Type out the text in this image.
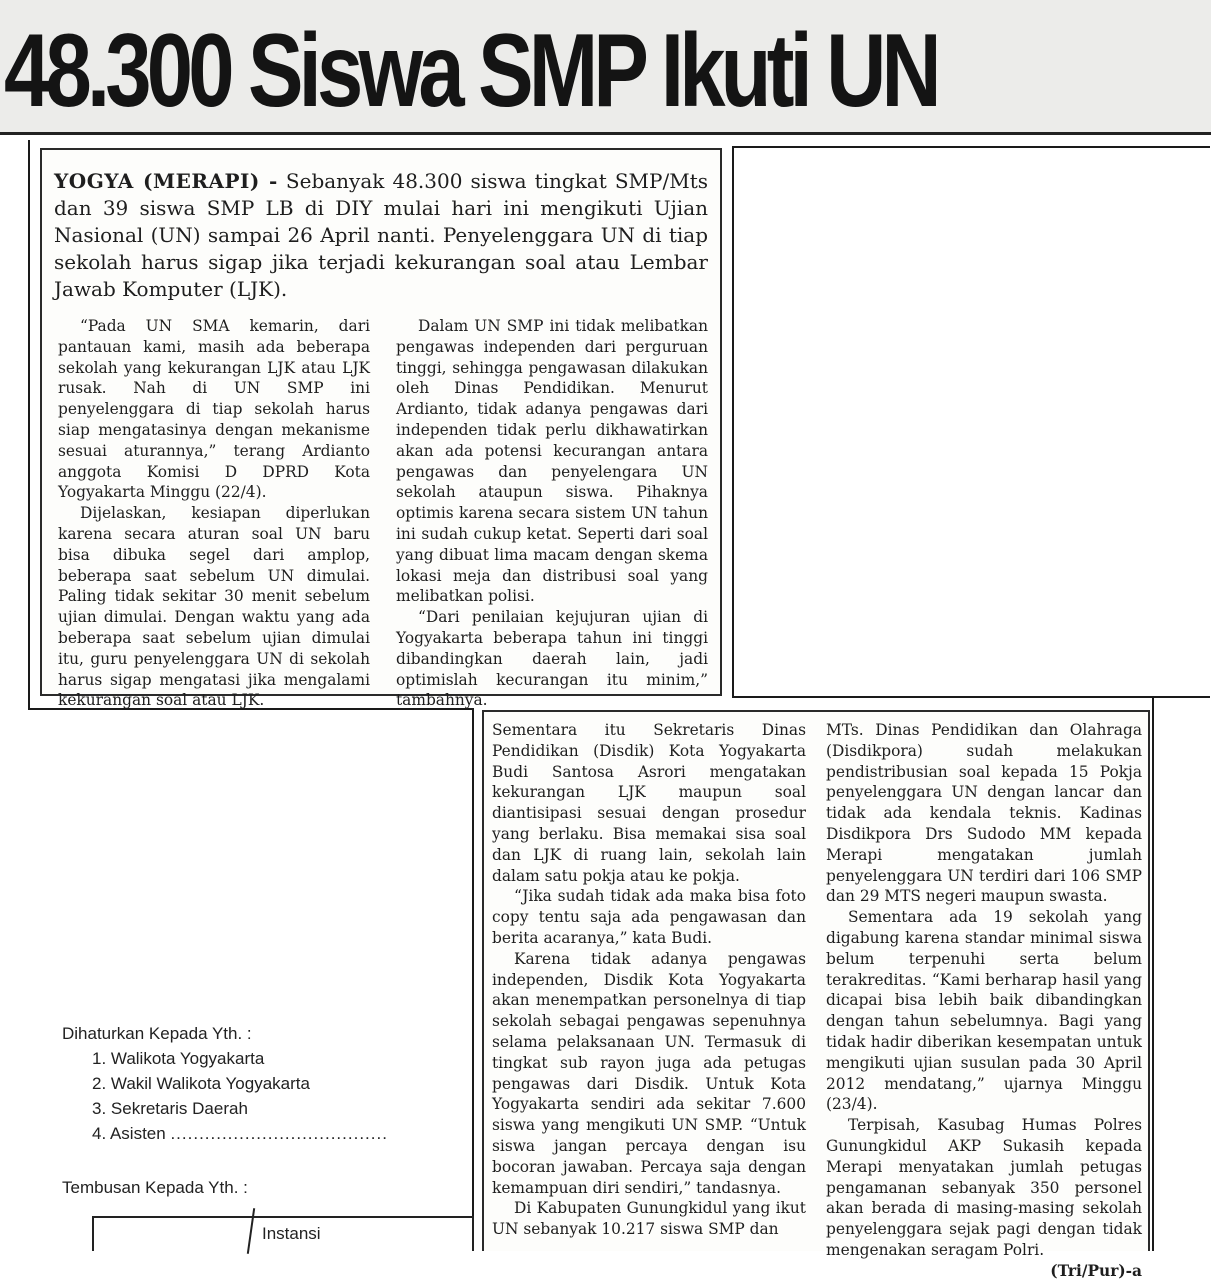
48.300 Siswa SMP Ikuti UN

YOGYA (MERAPI) - Sebanyak 48.300 siswa tingkat SMP/Mts dan 39 siswa SMP LB di DIY mulai hari ini mengikuti Ujian Nasional (UN) sampai 26 April nanti. Penyelenggara UN di tiap sekolah harus sigap jika terjadi kekurangan soal atau Lembar Jawab Komputer (LJK).

“Pada UN SMA kemarin, dari pantauan kami, masih ada beberapa sekolah yang kekurangan LJK atau LJK rusak. Nah di UN SMP ini penyelenggara di tiap sekolah harus siap mengatasinya dengan mekanisme sesuai aturannya,” terang Ardianto anggota Komisi D DPRD Kota Yogyakarta Minggu (22/4).

Dijelaskan, kesiapan diperlukan karena secara aturan soal UN baru bisa dibuka segel dari amplop, beberapa saat sebelum UN dimulai. Paling tidak sekitar 30 menit sebelum ujian dimulai. Dengan waktu yang ada beberapa saat sebelum ujian dimulai itu, guru penyelenggara UN di sekolah harus sigap mengatasi jika mengalami kekurangan soal atau LJK.

Dalam UN SMP ini tidak melibatkan pengawas independen dari perguruan tinggi, sehingga pengawasan dilakukan oleh Dinas Pendidikan. Menurut Ardianto, tidak adanya pengawas dari independen tidak perlu dikhawatirkan akan ada potensi kecurangan antara pengawas dan penyelengara UN sekolah ataupun siswa. Pihaknya optimis karena secara sistem UN tahun ini sudah cukup ketat. Seperti dari soal yang dibuat lima macam dengan skema lokasi meja dan distribusi soal yang melibatkan polisi.

“Dari penilaian kejujuran ujian di Yogyakarta beberapa tahun ini tinggi dibandingkan daerah lain, jadi optimislah kecurangan itu minim,” tambahnya.

Sementara itu Sekretaris Dinas Pendidikan (Disdik) Kota Yogyakarta Budi Santosa Asrori mengatakan kekurangan LJK maupun soal diantisipasi sesuai dengan prosedur yang berlaku. Bisa memakai sisa soal dan LJK di ruang lain, sekolah lain dalam satu pokja atau ke pokja.

“Jika sudah tidak ada maka bisa foto copy tentu saja ada pengawasan dan berita acaranya,” kata Budi.

Karena tidak adanya pengawas independen, Disdik Kota Yogyakarta akan menempatkan personelnya di tiap sekolah sebagai pengawas sepenuhnya selama pelaksanaan UN. Termasuk di tingkat sub rayon juga ada petugas pengawas dari Disdik. Untuk Kota Yogyakarta sendiri ada sekitar 7.600 siswa yang mengikuti UN SMP. “Untuk siswa jangan percaya dengan isu bocoran jawaban. Percaya saja dengan kemampuan diri sendiri,” tandasnya.

Di Kabupaten Gunungkidul yang ikut UN sebanyak 10.217 siswa SMP dan

MTs. Dinas Pendidikan dan Olahraga (Disdikpora) sudah melakukan pendistribusian soal kepada 15 Pokja penyelenggara UN dengan lancar dan tidak ada kendala teknis. Kadinas Disdikpora Drs Sudodo MM kepada Merapi mengatakan jumlah penyelenggara UN terdiri dari 106 SMP dan 29 MTS negeri maupun swasta.

Sementara ada 19 sekolah yang digabung karena standar minimal siswa belum terpenuhi serta belum terakreditas. “Kami berharap hasil yang dicapai bisa lebih baik dibandingkan dengan tahun sebelumnya. Bagi yang tidak hadir diberikan kesempatan untuk mengikuti ujian susulan pada 30 April 2012 mendatang,” ujarnya Minggu (23/4).

Terpisah, Kasubag Humas Polres Gunungkidul AKP Sukasih kepada Merapi menyatakan jumlah petugas pengamanan sebanyak 350 personel akan berada di masing-masing sekolah penyelenggara sejak pagi dengan tidak mengenakan seragam Polri.
(Tri/Pur)-a

Dihaturkan Kepada Yth. :
1. Walikota Yogyakarta
2. Wakil Walikota Yogyakarta
3. Sekretaris Daerah
4. Asisten ......................................
Tembusan Kepada Yth. :
Instansi
